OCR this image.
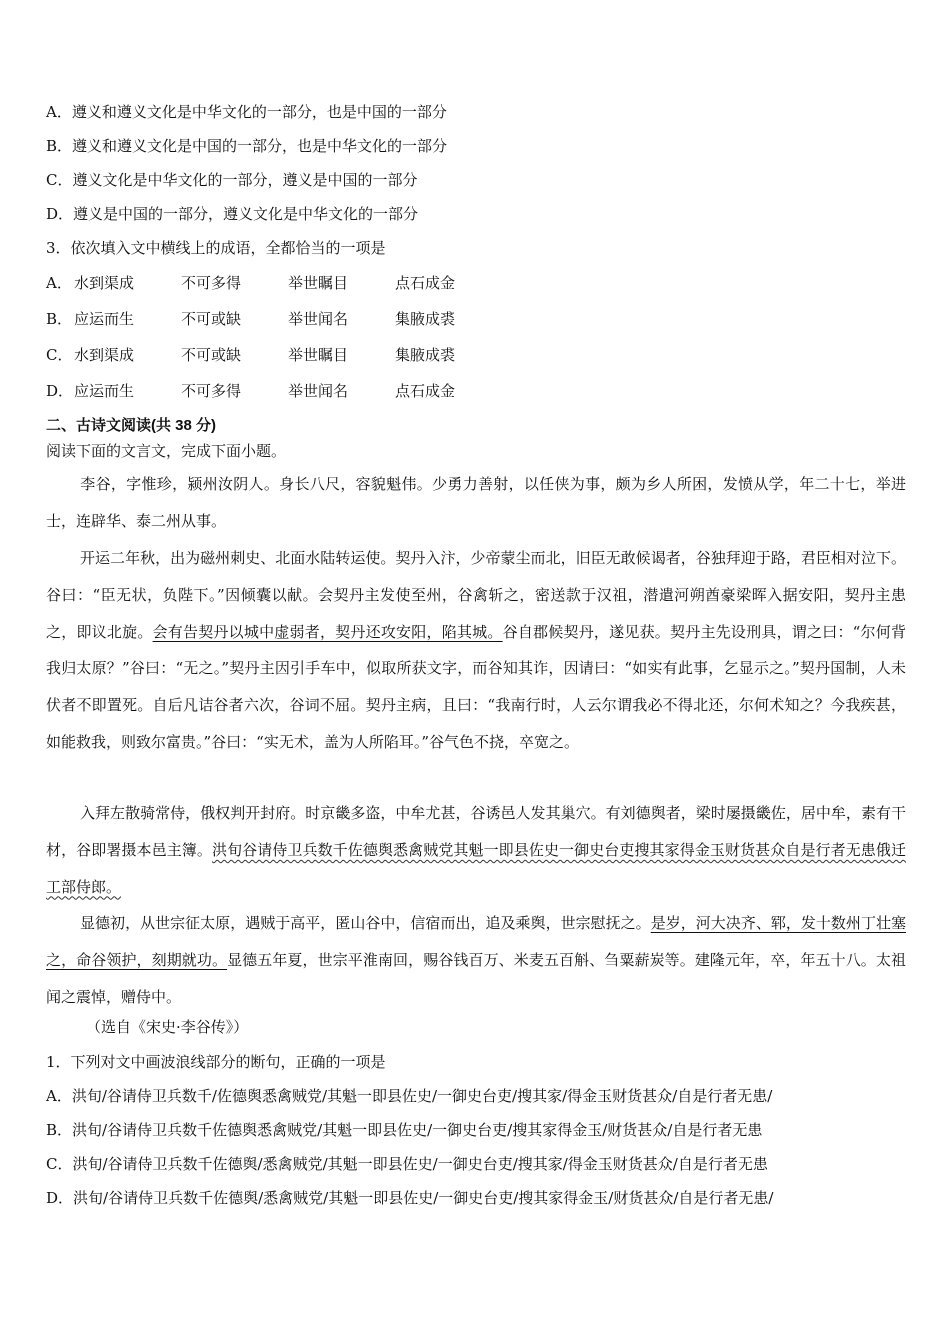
A．遵义和遵义文化是中华文化的一部分，也是中国的一部分
B．遵义和遵义文化是中国的一部分，也是中华文化的一部分
C．遵义文化是中华文化的一部分，遵义是中国的一部分
D．遵义是中国的一部分，遵义文化是中华文化的一部分
3．依次填入文中横线上的成语，全都恰当的一项是
A． 水到渠成	不可多得	举世瞩目	点石成金
B． 应运而生	不可或缺	举世闻名	集腋成裘
C． 水到渠成	不可或缺	举世瞩目	集腋成裘
D． 应运而生	不可多得	举世闻名	点石成金
二、古诗文阅读(共 38 分)
阅读下面的文言文，完成下面小题。
李谷，字惟珍，颍州汝阴人。身长八尺，容貌魁伟。少勇力善射，以任侠为事，颇为乡人所困，发愤从学，年二十七，举进士，连辟华、泰二州从事。
开运二年秋，出为磁州刺史、北面水陆转运使。契丹入汴，少帝蒙尘而北，旧臣无敢候谒者，谷独拜迎于路，君臣相对泣下。谷曰：“臣无状，负陛下。”因倾囊以献。会契丹主发使至州，谷禽斩之，密送款于汉祖，潜遣河朔酋豪梁晖入据安阳，契丹主患之，即议北旋。会有告契丹以城中虚弱者，契丹还攻安阳，陷其城。谷自郡候契丹，遂见获。契丹主先设刑具，谓之曰：“尔何背我归太原？”谷曰：“无之。”契丹主因引手车中，似取所获文字，而谷知其诈，因请曰：“如实有此事，乞显示之。”契丹国制，人未伏者不即置死。自后凡诘谷者六次，谷词不屈。契丹主病，且曰：“我南行时，人云尔谓我必不得北还，尔何术知之？今我疾甚，如能救我，则致尔富贵。”谷曰：“实无术，盖为人所陷耳。”谷气色不挠，卒宽之。
入拜左散骑常侍，俄权判开封府。时京畿多盗，中牟尤甚，谷诱邑人发其巢穴。有刘德舆者，梁时屡摄畿佐，居中牟，素有干材，谷即署摄本邑主簿。洪旬谷请侍卫兵数千佐德舆悉禽贼党其魁一即县佐史一御史台吏搜其家得金玉财货甚众自是行者无患俄迁工部侍郎。
显德初，从世宗征太原，遇贼于高平，匿山谷中，信宿而出，追及乘舆，世宗慰抚之。是岁，河大决齐、郓，发十数州丁壮塞之，命谷领护，刻期就功。显德五年夏，世宗平淮南回，赐谷钱百万、米麦五百斛、刍粟薪炭等。建隆元年，卒，年五十八。太祖闻之震悼，赠侍中。
（选自《宋史·李谷传》）
1．下列对文中画波浪线部分的断句，正确的一项是
A．洪旬/谷请侍卫兵数千/佐德舆悉禽贼党/其魁一即县佐史/一御史台吏/搜其家/得金玉财货甚众/自是行者无患/
B．洪旬/谷请侍卫兵数千佐德舆悉禽贼党/其魁一即县佐史/一御史台吏/搜其家得金玉/财货甚众/自是行者无患
C．洪旬/谷请侍卫兵数千佐德舆/悉禽贼党/其魁一即县佐史/一御史台吏/搜其家/得金玉财货甚众/自是行者无患
D．洪旬/谷请侍卫兵数千佐德舆/悉禽贼党/其魁一即县佐史/一御史台吏/搜其家得金玉/财货甚众/自是行者无患/
